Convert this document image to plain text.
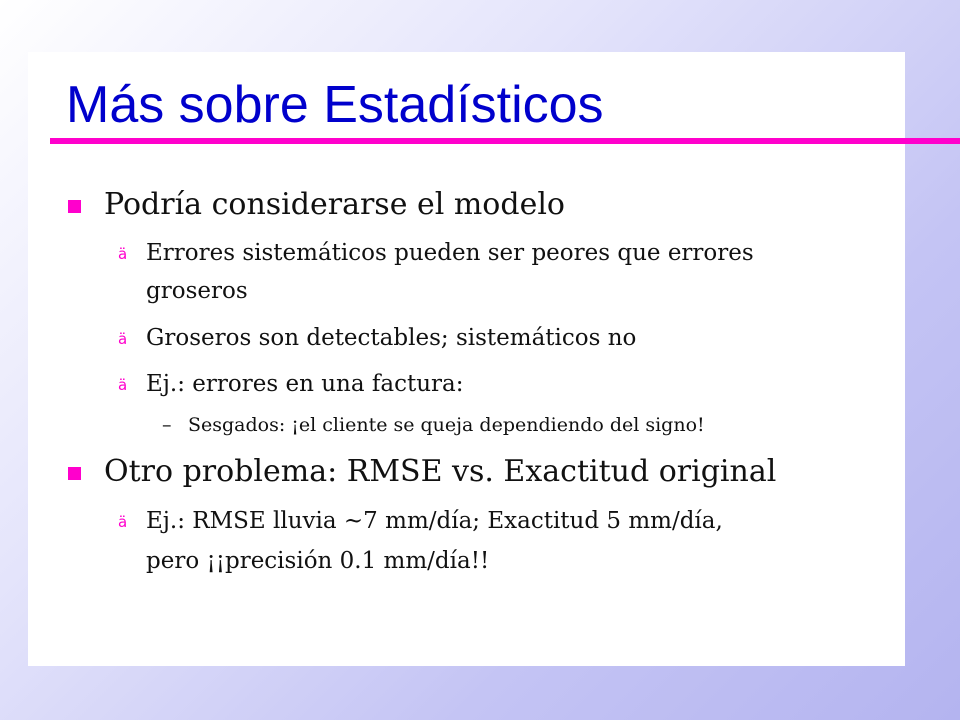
Más sobre Estadísticos
Podría considerarse el modelo
ä Errores sistemáticos pueden ser peores que errores
groseros
ä Groseros son detectables; sistemáticos no
ä Ej.: errores en una factura:
– Sesgados: ¡el cliente se queja dependiendo del signo!
Otro problema: RMSE vs. Exactitud original
ä Ej.: RMSE lluvia ~7 mm/día; Exactitud 5 mm/día,
pero ¡¡precisión 0.1 mm/día!!
